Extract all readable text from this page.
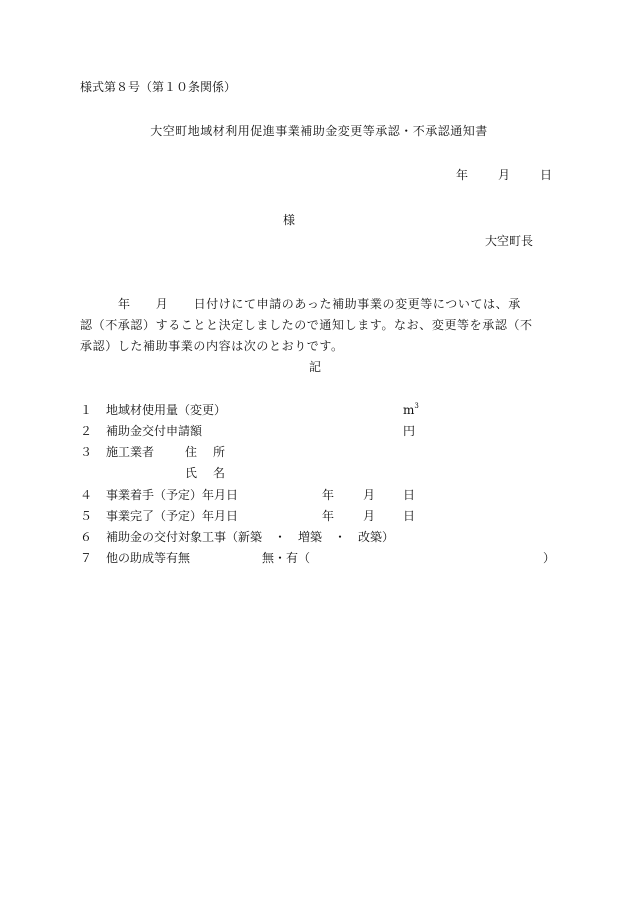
様式第８号（第１０条関係）
大空町地域材利用促進事業補助金変更等承認・不承認通知書
年	月	日
様
大空町長

年　　月　　日付けにて申請のあった補助事業の変更等については、承

認（不承認）することと決定しましたので通知します。なお、変更等を承認（不

承認）した補助事業の内容は次のとおりです。

記
１ 地域材使用量（変更）	$m^3$
２ 補助金交付申請額	円
３ 施工業者	住 所
氏 名
４ 事業着手（予定）年月日	年 月 日
５ 事業完了（予定）年月日	年 月 日
６ 補助金の交付対象工事（新築　・　増築　・　改築）
７ 他の助成等有無	無・有（	）
